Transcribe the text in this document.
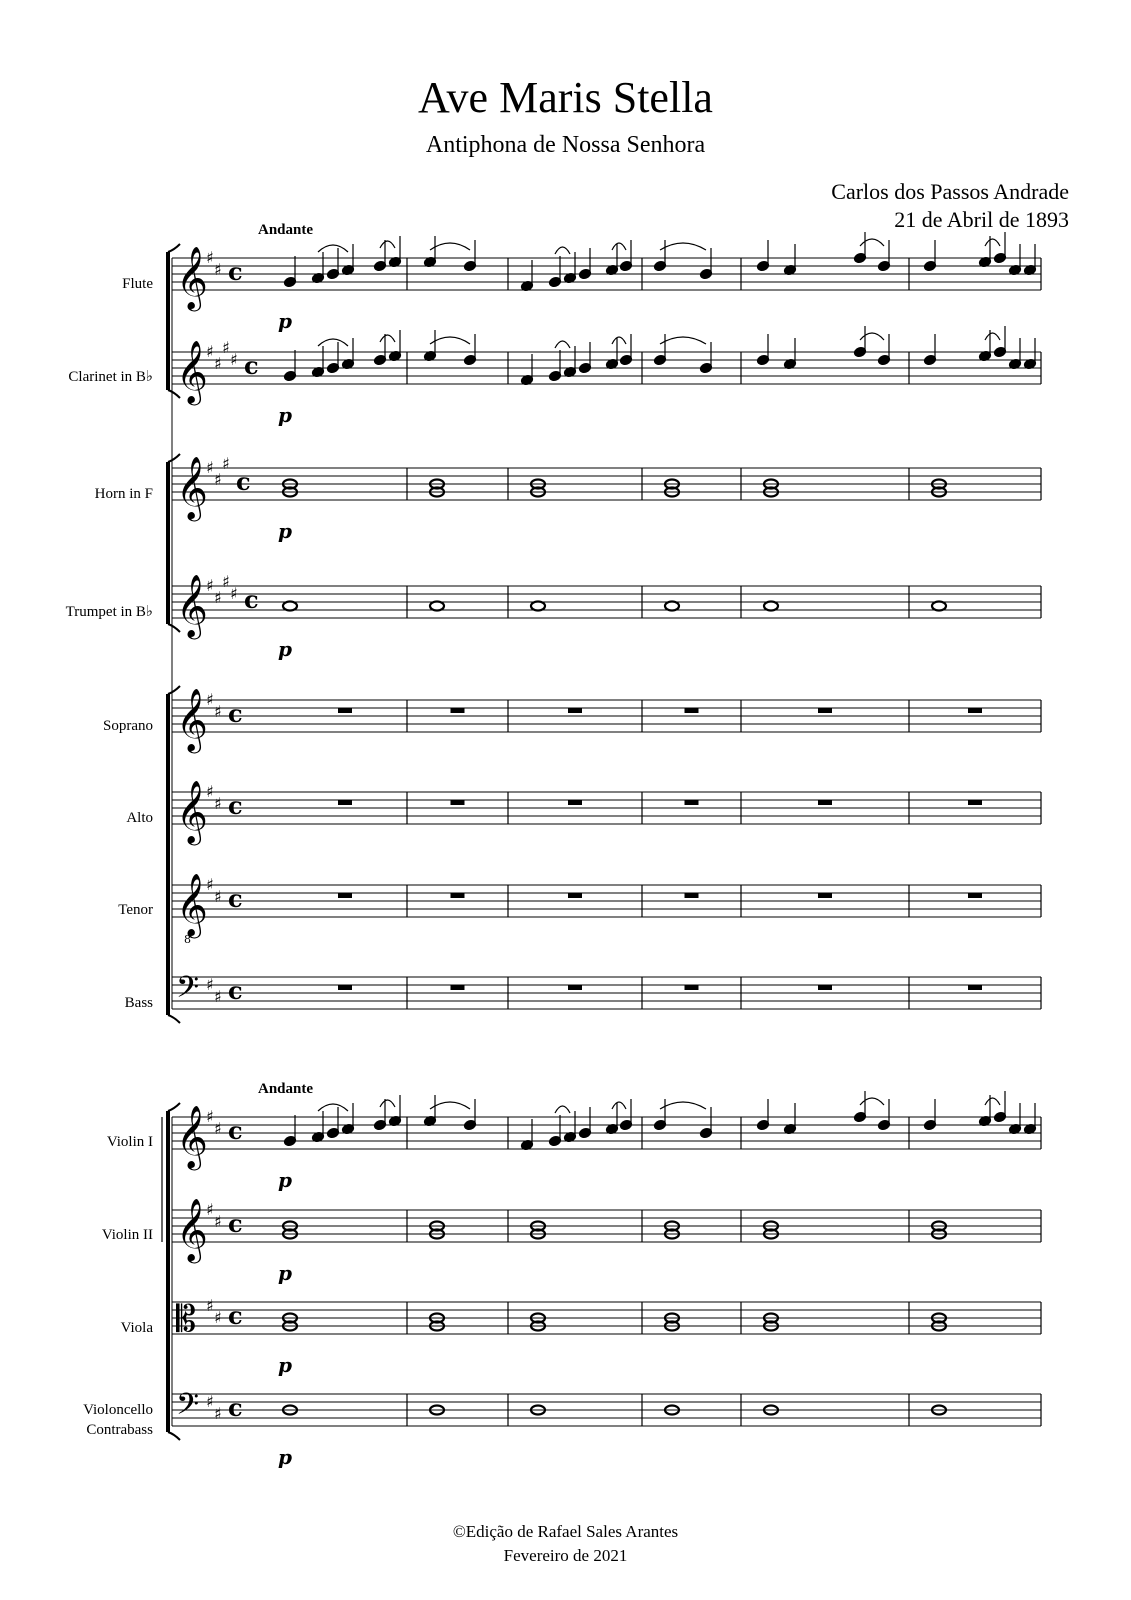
Ave Maris Stella
Antiphona de Nossa Senhora
Carlos dos Passos Andrade
21 de Abril de 1893
Andante
Andante
Flute
Clarinet in B♭
Horn in F
Trumpet in B♭
Soprano
Alto
Tenor
Bass
Violin I
Violin II
Viola
Violoncello
Contrabass
𝄞
♯
♯ c
p
𝄞
♯
♯
♯
♯ c
p
𝄞
♯
♯
♯
c
p
𝄞
♯
♯
♯
♯ c
p
𝄞
♯
♯ c
𝄞
♯
♯ c
𝄞
8
♯
♯ c
𝄢 ♯
♯ c
𝄞
♯
♯ c
p
𝄞
♯
♯ c
p
𝄡 ♯
♯ c
p
𝄢 ♯
♯ c
p
©Edição de Rafael Sales Arantes
Fevereiro de 2021
